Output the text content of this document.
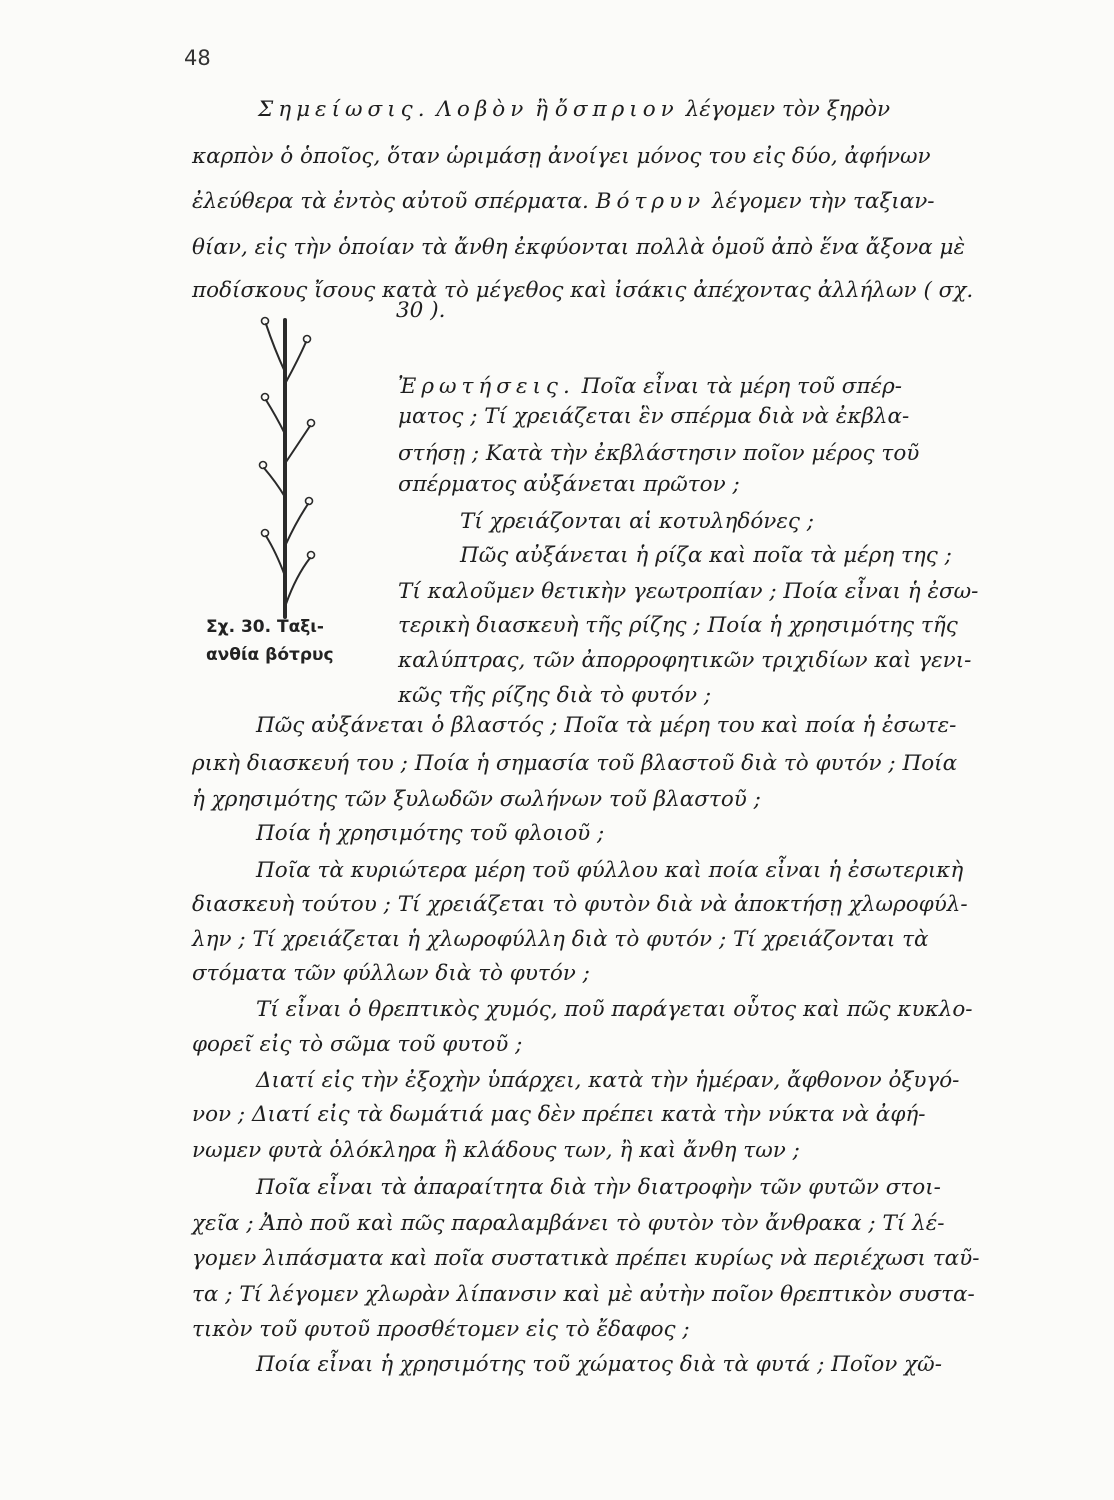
48
Σημείωσις. Λοβὸν ἢ ὄσπριον λέγομεν τὸν ξηρὸν
καρπὸν ὁ ὁποῖος, ὅταν ὡριμάσῃ ἀνοίγει μόνος του εἰς δύο, ἀφήνων
ἐλεύθερα τὰ ἐντὸς αὐτοῦ σπέρματα. Βότρυν λέγομεν τὴν ταξιαν-
θίαν, εἰς τὴν ὁποίαν τὰ ἄνθη ἐκφύονται πολλὰ ὁμοῦ ἀπὸ ἕνα ἄξονα μὲ
ποδίσκους ἴσους κατὰ τὸ μέγεθος καὶ ἰσάκις ἀπέχοντας ἀλλήλων ( σχ.
30 ).
Ἐρωτήσεις. Ποῖα εἶναι τὰ μέρη τοῦ σπέρ-
ματος ; Τί χρειάζεται ἓν σπέρμα διὰ νὰ ἐκβλα-
στήσῃ ; Κατὰ τὴν ἐκβλάστησιν ποῖον μέρος τοῦ
σπέρματος αὐξάνεται πρῶτον ;
Τί χρειάζονται αἱ κοτυληδόνες ;
Πῶς αὐξάνεται ἡ ρίζα καὶ ποῖα τὰ μέρη της ;
Τί καλοῦμεν θετικὴν γεωτροπίαν ; Ποία εἶναι ἡ ἐσω-
τερικὴ διασκευὴ τῆς ρίζης ; Ποία ἡ χρησιμότης τῆς
καλύπτρας, τῶν ἀπορροφητικῶν τριχιδίων καὶ γενι-
κῶς τῆς ρίζης διὰ τὸ φυτόν ;
Σχ. 30. Ταξι-
ανθία βότρυς
Πῶς αὐξάνεται ὁ βλαστός ; Ποῖα τὰ μέρη του καὶ ποία ἡ ἐσωτε-
ρικὴ διασκευή του ; Ποία ἡ σημασία τοῦ βλαστοῦ διὰ τὸ φυτόν ; Ποία
ἡ χρησιμότης τῶν ξυλωδῶν σωλήνων τοῦ βλαστοῦ ;
Ποία ἡ χρησιμότης τοῦ φλοιοῦ ;
Ποῖα τὰ κυριώτερα μέρη τοῦ φύλλου καὶ ποία εἶναι ἡ ἐσωτερικὴ
διασκευὴ τούτου ; Τί χρειάζεται τὸ φυτὸν διὰ νὰ ἀποκτήσῃ χλωροφύλ-
λην ; Τί χρειάζεται ἡ χλωροφύλλη διὰ τὸ φυτόν ; Τί χρειάζονται τὰ
στόματα τῶν φύλλων διὰ τὸ φυτόν ;
Τί εἶναι ὁ θρεπτικὸς χυμός, ποῦ παράγεται οὗτος καὶ πῶς κυκλο-
φορεῖ εἰς τὸ σῶμα τοῦ φυτοῦ ;
Διατί εἰς τὴν ἐξοχὴν ὑπάρχει, κατὰ τὴν ἡμέραν, ἄφθονον ὀξυγό-
νον ; Διατί εἰς τὰ δωμάτιά μας δὲν πρέπει κατὰ τὴν νύκτα νὰ ἀφή-
νωμεν φυτὰ ὁλόκληρα ἢ κλάδους των, ἢ καὶ ἄνθη των ;
Ποῖα εἶναι τὰ ἀπαραίτητα διὰ τὴν διατροφὴν τῶν φυτῶν στοι-
χεῖα ; Ἀπὸ ποῦ καὶ πῶς παραλαμβάνει τὸ φυτὸν τὸν ἄνθρακα ; Τί λέ-
γομεν λιπάσματα καὶ ποῖα συστατικὰ πρέπει κυρίως νὰ περιέχωσι ταῦ-
τα ; Τί λέγομεν χλωρὰν λίπανσιν καὶ μὲ αὐτὴν ποῖον θρεπτικὸν συστα-
τικὸν τοῦ φυτοῦ προσθέτομεν εἰς τὸ ἔδαφος ;
Ποία εἶναι ἡ χρησιμότης τοῦ χώματος διὰ τὰ φυτά ; Ποῖον χῶ-
